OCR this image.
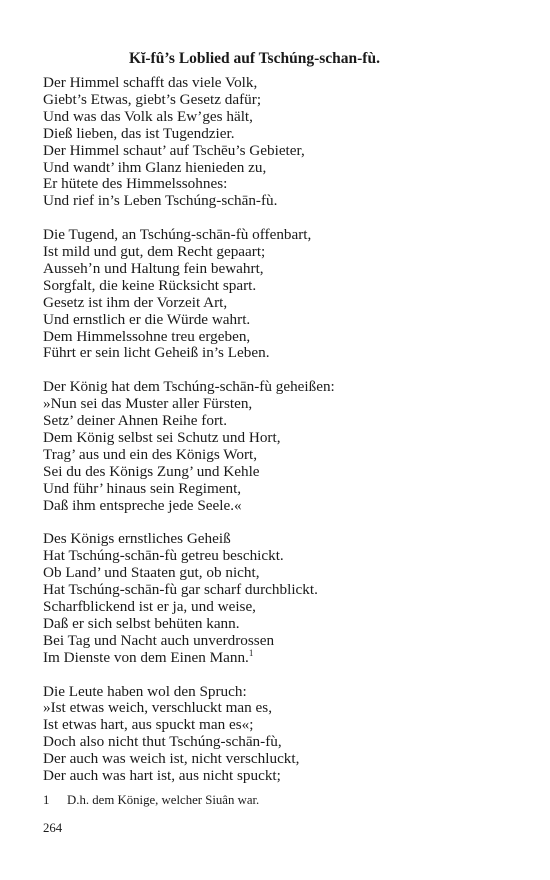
Kĭ-fû’s Loblied auf Tschúng-schan-fù.
Der Himmel schafft das viele Volk,
Giebt’s Etwas, giebt’s Gesetz dafür;
Und was das Volk als Ew’ges hält,
Dieß lieben, das ist Tugendzier.
Der Himmel schaut’ auf Tschēu’s Gebieter,
Und wandt’ ihm Glanz hienieden zu,
Er hütete des Himmelssohnes:
Und rief in’s Leben Tschúng-schān-fù.
Die Tugend, an Tschúng-schān-fù offenbart,
Ist mild und gut, dem Recht gepaart;
Aussehʼn und Haltung fein bewahrt,
Sorgfalt, die keine Rücksicht spart.
Gesetz ist ihm der Vorzeit Art,
Und ernstlich er die Würde wahrt.
Dem Himmelssohne treu ergeben,
Führt er sein licht Geheiß in’s Leben.
Der König hat dem Tschúng-schān-fù geheißen:
»Nun sei das Muster aller Fürsten,
Setz’ deiner Ahnen Reihe fort.
Dem König selbst sei Schutz und Hort,
Trag’ aus und ein des Königs Wort,
Sei du des Königs Zung’ und Kehle
Und führ’ hinaus sein Regiment,
Daß ihm entspreche jede Seele.«
Des Königs ernstliches Geheiß
Hat Tschúng-schān-fù getreu beschickt.
Ob Land’ und Staaten gut, ob nicht,
Hat Tschúng-schān-fù gar scharf durchblickt.
Scharfblickend ist er ja, und weise,
Daß er sich selbst behüten kann.
Bei Tag und Nacht auch unverdrossen
Im Dienste von dem Einen Mann.$^1$
Die Leute haben wol den Spruch:
»Ist etwas weich, verschluckt man es,
Ist etwas hart, aus spuckt man es«;
Doch also nicht thut Tschúng-schān-fù,
Der auch was weich ist, nicht verschluckt,
Der auch was hart ist, aus nicht spuckt;
1 D.h. dem Könige, welcher Siuân war.
264
